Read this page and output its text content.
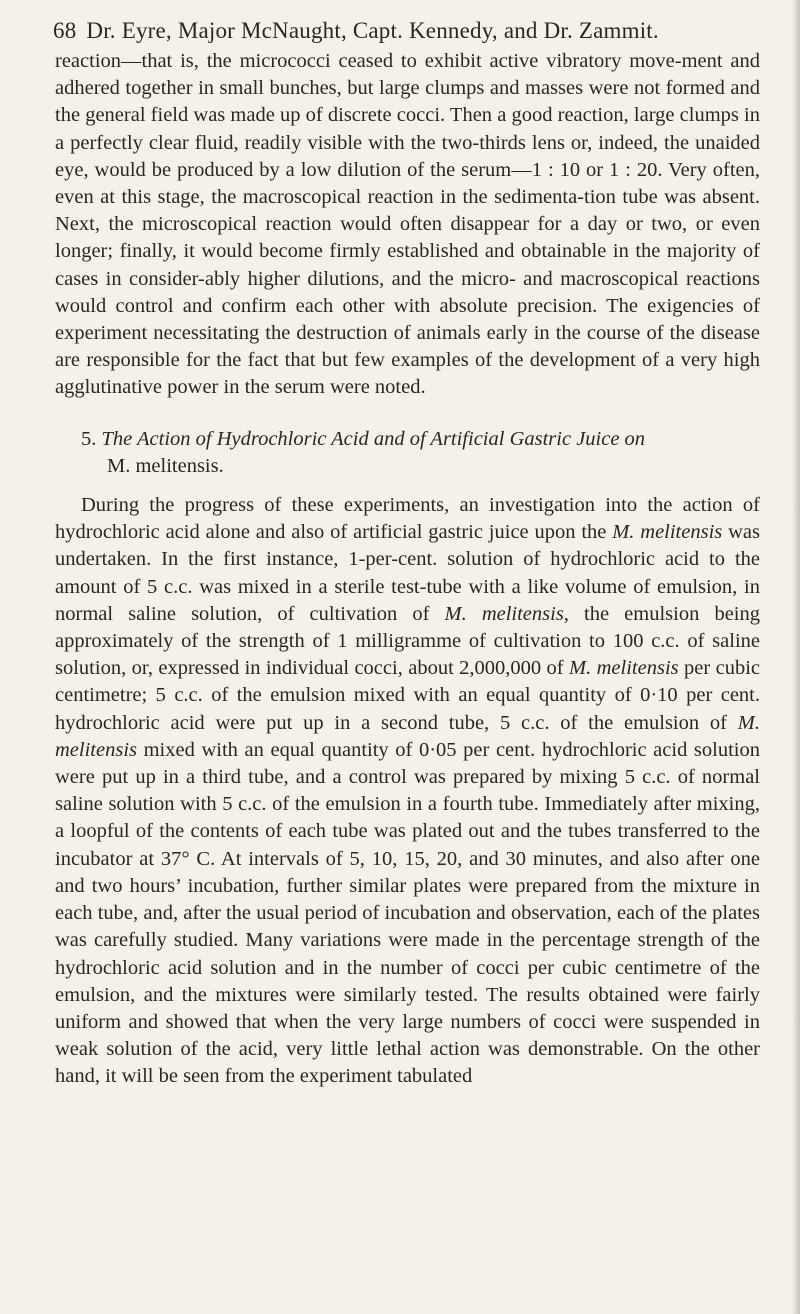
68 Dr. Eyre, Major McNaught, Capt. Kennedy, and Dr. Zammit.

reaction—that is, the micrococci ceased to exhibit active vibratory move-ment and adhered together in small bunches, but large clumps and masses were not formed and the general field was made up of discrete cocci. Then a good reaction, large clumps in a perfectly clear fluid, readily visible with the two-thirds lens or, indeed, the unaided eye, would be produced by a low dilution of the serum—1 : 10 or 1 : 20. Very often, even at this stage, the macroscopical reaction in the sedimenta-tion tube was absent. Next, the microscopical reaction would often disappear for a day or two, or even longer; finally, it would become firmly established and obtainable in the majority of cases in consider-ably higher dilutions, and the micro- and macroscopical reactions would control and confirm each other with absolute precision. The exigencies of experiment necessitating the destruction of animals early in the course of the disease are responsible for the fact that but few examples of the development of a very high agglutinative power in the serum were noted.

5. The Action of Hydrochloric Acid and of Artificial Gastric Juice on
M. melitensis.

During the progress of these experiments, an investigation into the action of hydrochloric acid alone and also of artificial gastric juice upon the M. melitensis was undertaken. In the first instance, 1-per-cent. solution of hydrochloric acid to the amount of 5 c.c. was mixed in a sterile test-tube with a like volume of emulsion, in normal saline solution, of cultivation of M. melitensis, the emulsion being approximately of the strength of 1 milligramme of cultivation to 100 c.c. of saline solution, or, expressed in individual cocci, about 2,000,000 of M. melitensis per cubic centimetre; 5 c.c. of the emulsion mixed with an equal quantity of 0·10 per cent. hydrochloric acid were put up in a second tube, 5 c.c. of the emulsion of M. melitensis mixed with an equal quantity of 0·05 per cent. hydrochloric acid solution were put up in a third tube, and a control was prepared by mixing 5 c.c. of normal saline solution with 5 c.c. of the emulsion in a fourth tube. Immediately after mixing, a loopful of the contents of each tube was plated out and the tubes transferred to the incubator at 37° C. At intervals of 5, 10, 15, 20, and 30 minutes, and also after one and two hours’ incubation, further similar plates were prepared from the mixture in each tube, and, after the usual period of incubation and observation, each of the plates was carefully studied. Many variations were made in the percentage strength of the hydrochloric acid solution and in the number of cocci per cubic centimetre of the emulsion, and the mixtures were similarly tested. The results obtained were fairly uniform and showed that when the very large numbers of cocci were suspended in weak solution of the acid, very little lethal action was demonstrable. On the other hand, it will be seen from the experiment tabulated
